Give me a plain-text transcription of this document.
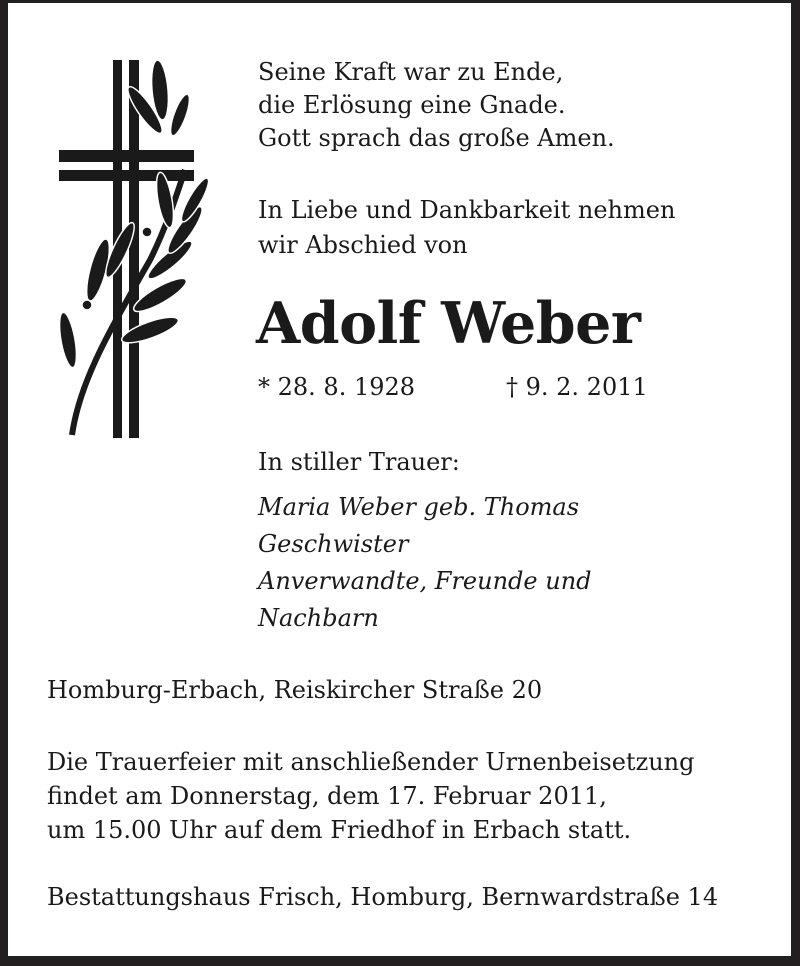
Seine Kraft war zu Ende,
die Erlösung eine Gnade.
Gott sprach das große Amen.
In Liebe und Dankbarkeit nehmen
wir Abschied von
Adolf Weber
* 28. 8. 1928	† 9. 2. 2011
In stiller Trauer:
Maria Weber geb. Thomas
Geschwister
Anverwandte, Freunde und
Nachbarn
Homburg-Erbach, Reiskircher Straße 20
Die Trauerfeier mit anschließender Urnenbeisetzung
findet am Donnerstag, dem 17. Februar 2011,
um 15.00 Uhr auf dem Friedhof in Erbach statt.
Bestattungshaus Frisch, Homburg, Bernwardstraße 14
